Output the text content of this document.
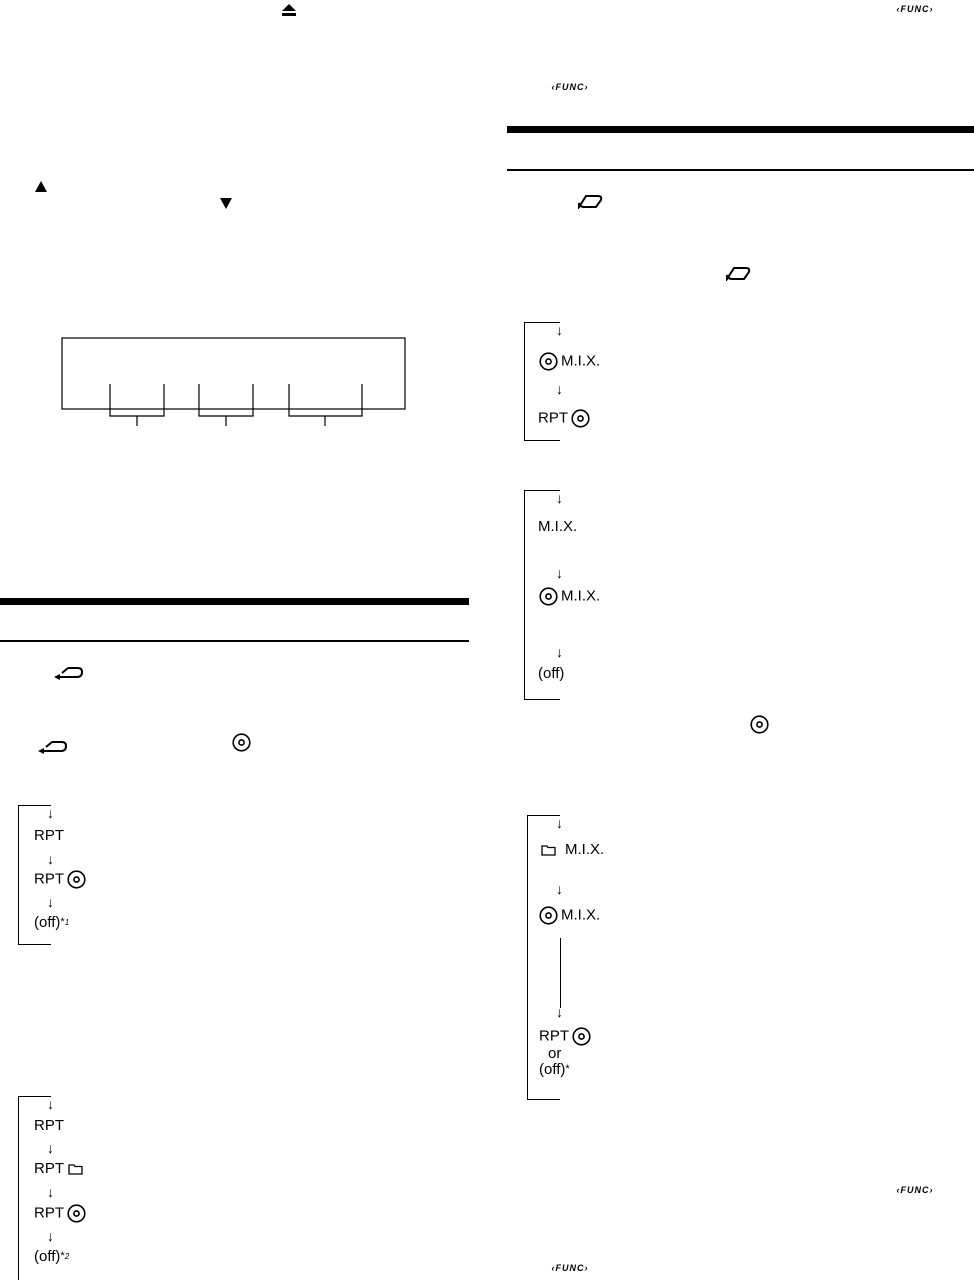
↓
RPT
↓
RPT
↓
(off)$^{*1}$
↓
RPT
↓
RPT
↓
RPT
↓
(off)$^{*2}$
‹FUNC›
‹FUNC›
↓
M.I.X.
↓
RPT
↓
M.I.X.
↓
M.I.X.
↓
(off)
↓
M.I.X.
↓
M.I.X.
↓
RPT
or
(off)*
‹FUNC›
‹FUNC›
